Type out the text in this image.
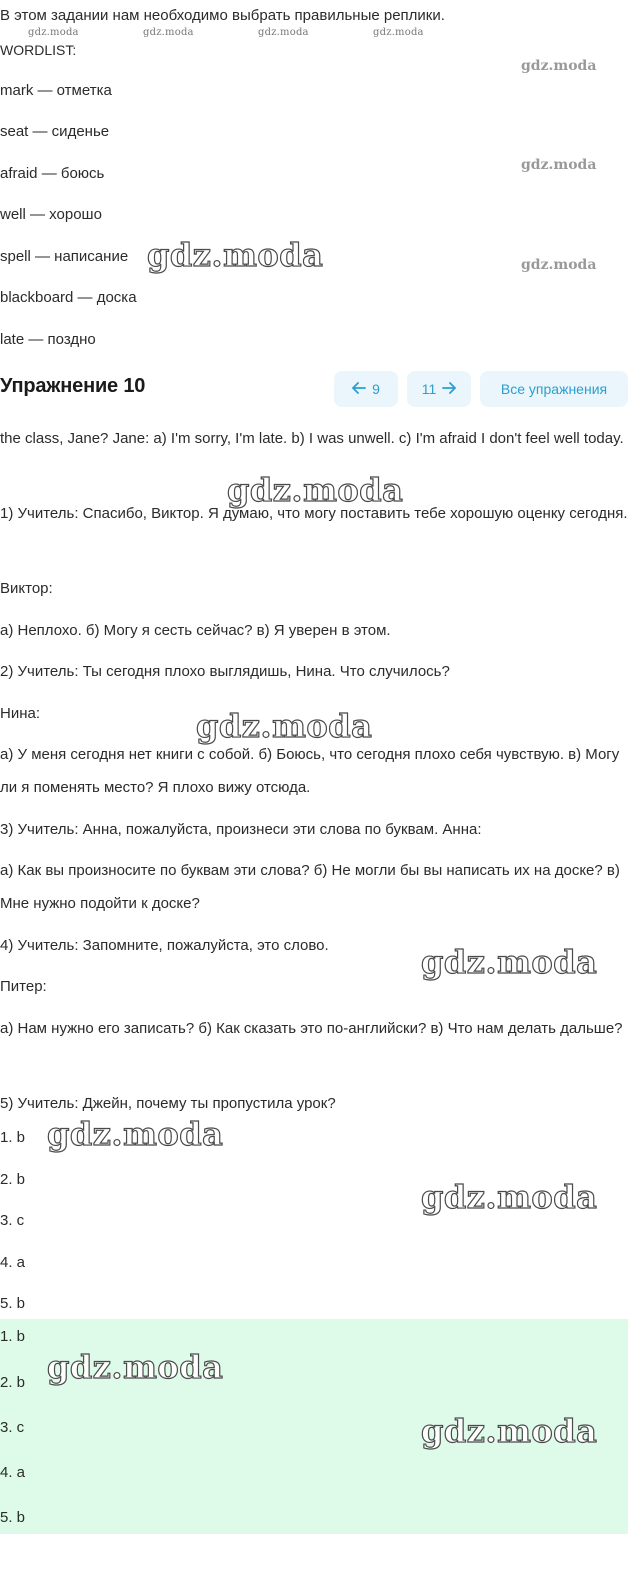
В этом задании нам необходимо выбрать правильные реплики.
WORDLIST:
mark — отметка
seat — сиденье
afraid — боюсь
well — хорошо
spell — написание
blackboard — доска
late — поздно
Упражнение 10	9	11	Все упражнения
the class, Jane? Jane: a) I'm sorry, I'm late. b) I was unwell. c) I'm afraid I don't feel well today.
1) Учитель: Спасибо, Виктор. Я думаю, что могу поставить тебе хорошую оценку сегодня.
Виктор:
а) Неплохо. б) Могу я сесть сейчас? в) Я уверен в этом.
2) Учитель: Ты сегодня плохо выглядишь, Нина. Что случилось?
Нина:
а) У меня сегодня нет книги с собой. б) Боюсь, что сегодня плохо себя чувствую. в) Могу ли я поменять место? Я плохо вижу отсюда.
3) Учитель: Анна, пожалуйста, произнеси эти слова по буквам. Анна:
а) Как вы произносите по буквам эти слова? б) Не могли бы вы написать их на доске? в) Мне нужно подойти к доске?
4) Учитель: Запомните, пожалуйста, это слово.
Питер:
а) Нам нужно его записать? б) Как сказать это по-английски? в) Что нам делать дальше?
5) Учитель: Джейн, почему ты пропустила урок?
1. b
2. b
3. c
4. a
5. b
1. b
2. b
3. c
4. a
5. b
gdz.moda	gdz.moda	gdz.moda	gdz.moda
gdz.moda
gdz.moda
gdz.moda
gdz.moda
gdz.moda
gdz.moda
gdz.moda
gdz.moda
gdz.moda
gdz.moda
gdz.moda
